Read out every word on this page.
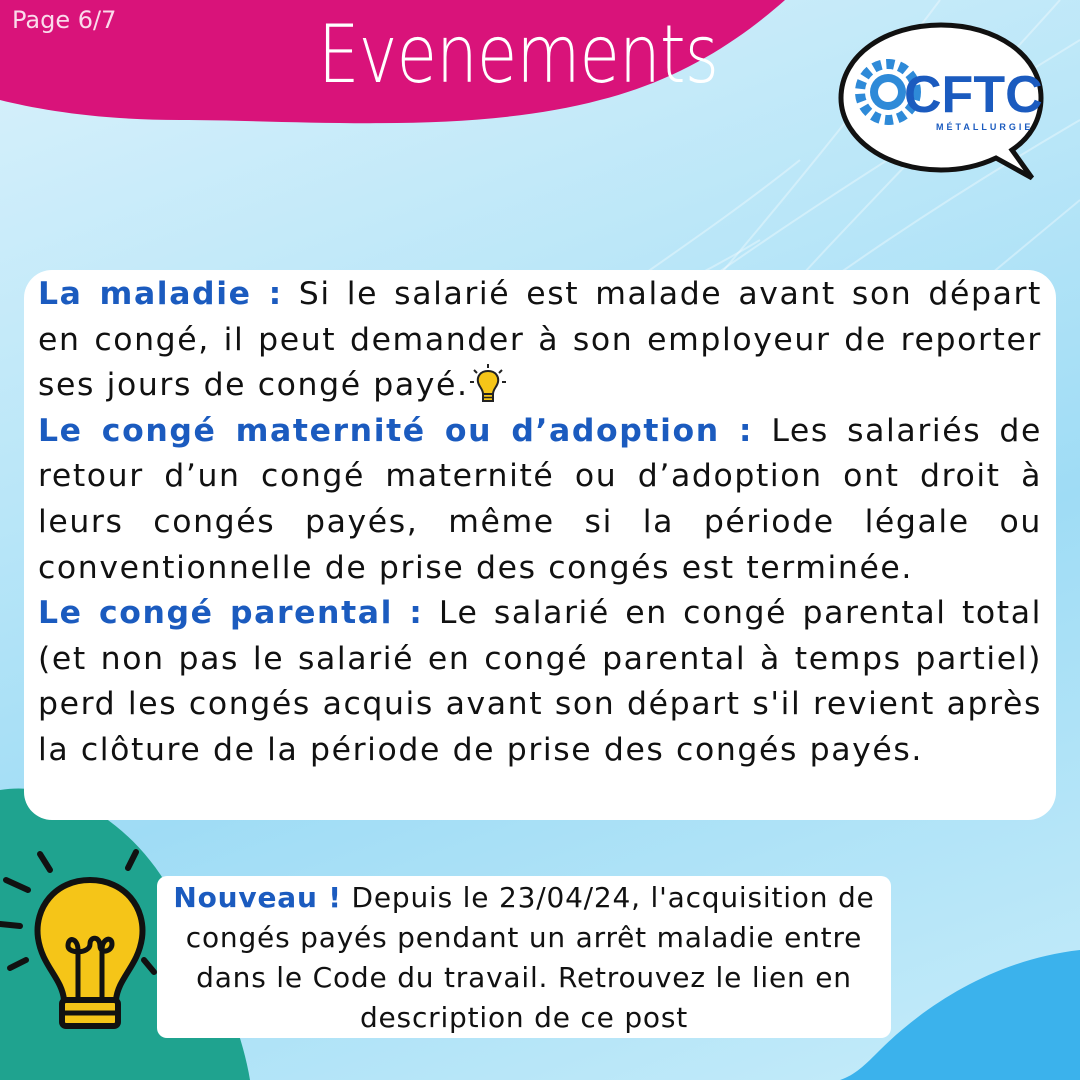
Page 6/7	Evenements	CFTC
MÉTALLURGIE

La maladie : Si le salarié est malade avant son départ en congé, il peut demander à son employeur de reporter ses jours de congé payé.

Le congé maternité ou d’adoption : Les salariés de retour d’un congé maternité ou d’adoption ont droit à leurs congés payés, même si la période légale ou conventionnelle de prise des congés est terminée.

Le congé parental : Le salarié en congé parental total (et non pas le salarié en congé parental à temps partiel) perd les congés acquis avant son départ s'il revient après la clôture de la période de prise des congés payés.

Nouveau ! Depuis le 23/04/24, l'acquisition de congés payés pendant un arrêt maladie entre dans le Code du travail. Retrouvez le lien en description de ce post
